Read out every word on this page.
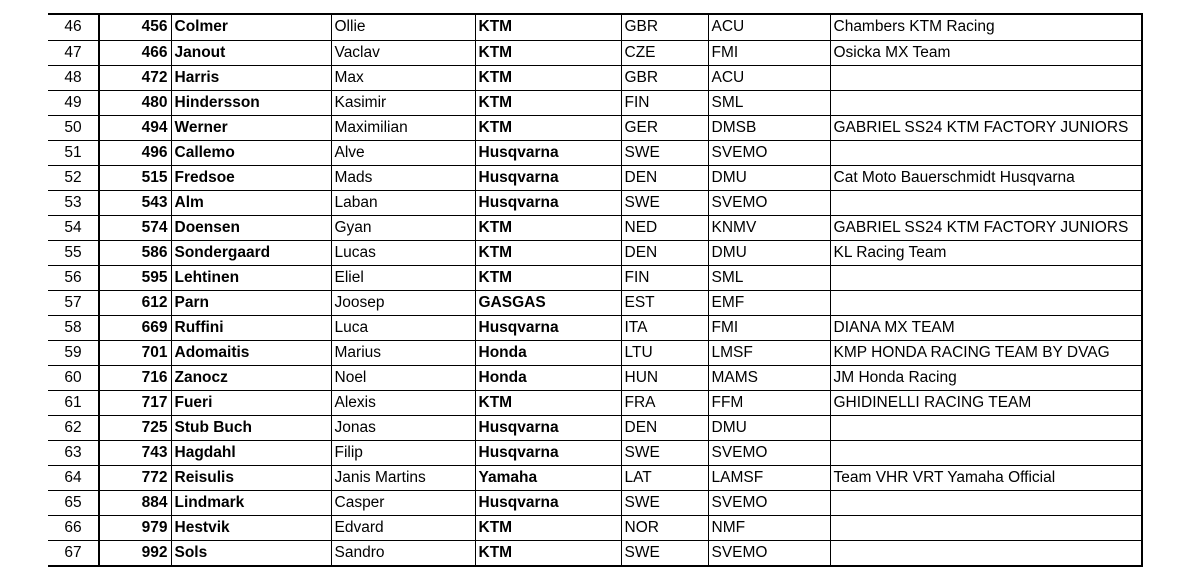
46	456	Colmer	Ollie	KTM	GBR	ACU	Chambers KTM Racing
47	466	Janout	Vaclav	KTM	CZE	FMI	Osicka MX Team
48	472	Harris	Max	KTM	GBR	ACU	
49	480	Hindersson	Kasimir	KTM	FIN	SML	
50	494	Werner	Maximilian	KTM	GER	DMSB	GABRIEL SS24 KTM FACTORY JUNIORS
51	496	Callemo	Alve	Husqvarna	SWE	SVEMO	
52	515	Fredsoe	Mads	Husqvarna	DEN	DMU	Cat Moto Bauerschmidt Husqvarna
53	543	Alm	Laban	Husqvarna	SWE	SVEMO	
54	574	Doensen	Gyan	KTM	NED	KNMV	GABRIEL SS24 KTM FACTORY JUNIORS
55	586	Sondergaard	Lucas	KTM	DEN	DMU	KL Racing Team
56	595	Lehtinen	Eliel	KTM	FIN	SML	
57	612	Parn	Joosep	GASGAS	EST	EMF	
58	669	Ruffini	Luca	Husqvarna	ITA	FMI	DIANA MX TEAM
59	701	Adomaitis	Marius	Honda	LTU	LMSF	KMP HONDA RACING TEAM BY DVAG
60	716	Zanocz	Noel	Honda	HUN	MAMS	JM Honda Racing
61	717	Fueri	Alexis	KTM	FRA	FFM	GHIDINELLI RACING TEAM
62	725	Stub Buch	Jonas	Husqvarna	DEN	DMU	
63	743	Hagdahl	Filip	Husqvarna	SWE	SVEMO	
64	772	Reisulis	Janis Martins	Yamaha	LAT	LAMSF	Team VHR VRT Yamaha Official
65	884	Lindmark	Casper	Husqvarna	SWE	SVEMO	
66	979	Hestvik	Edvard	KTM	NOR	NMF	
67	992	Sols	Sandro	KTM	SWE	SVEMO	
